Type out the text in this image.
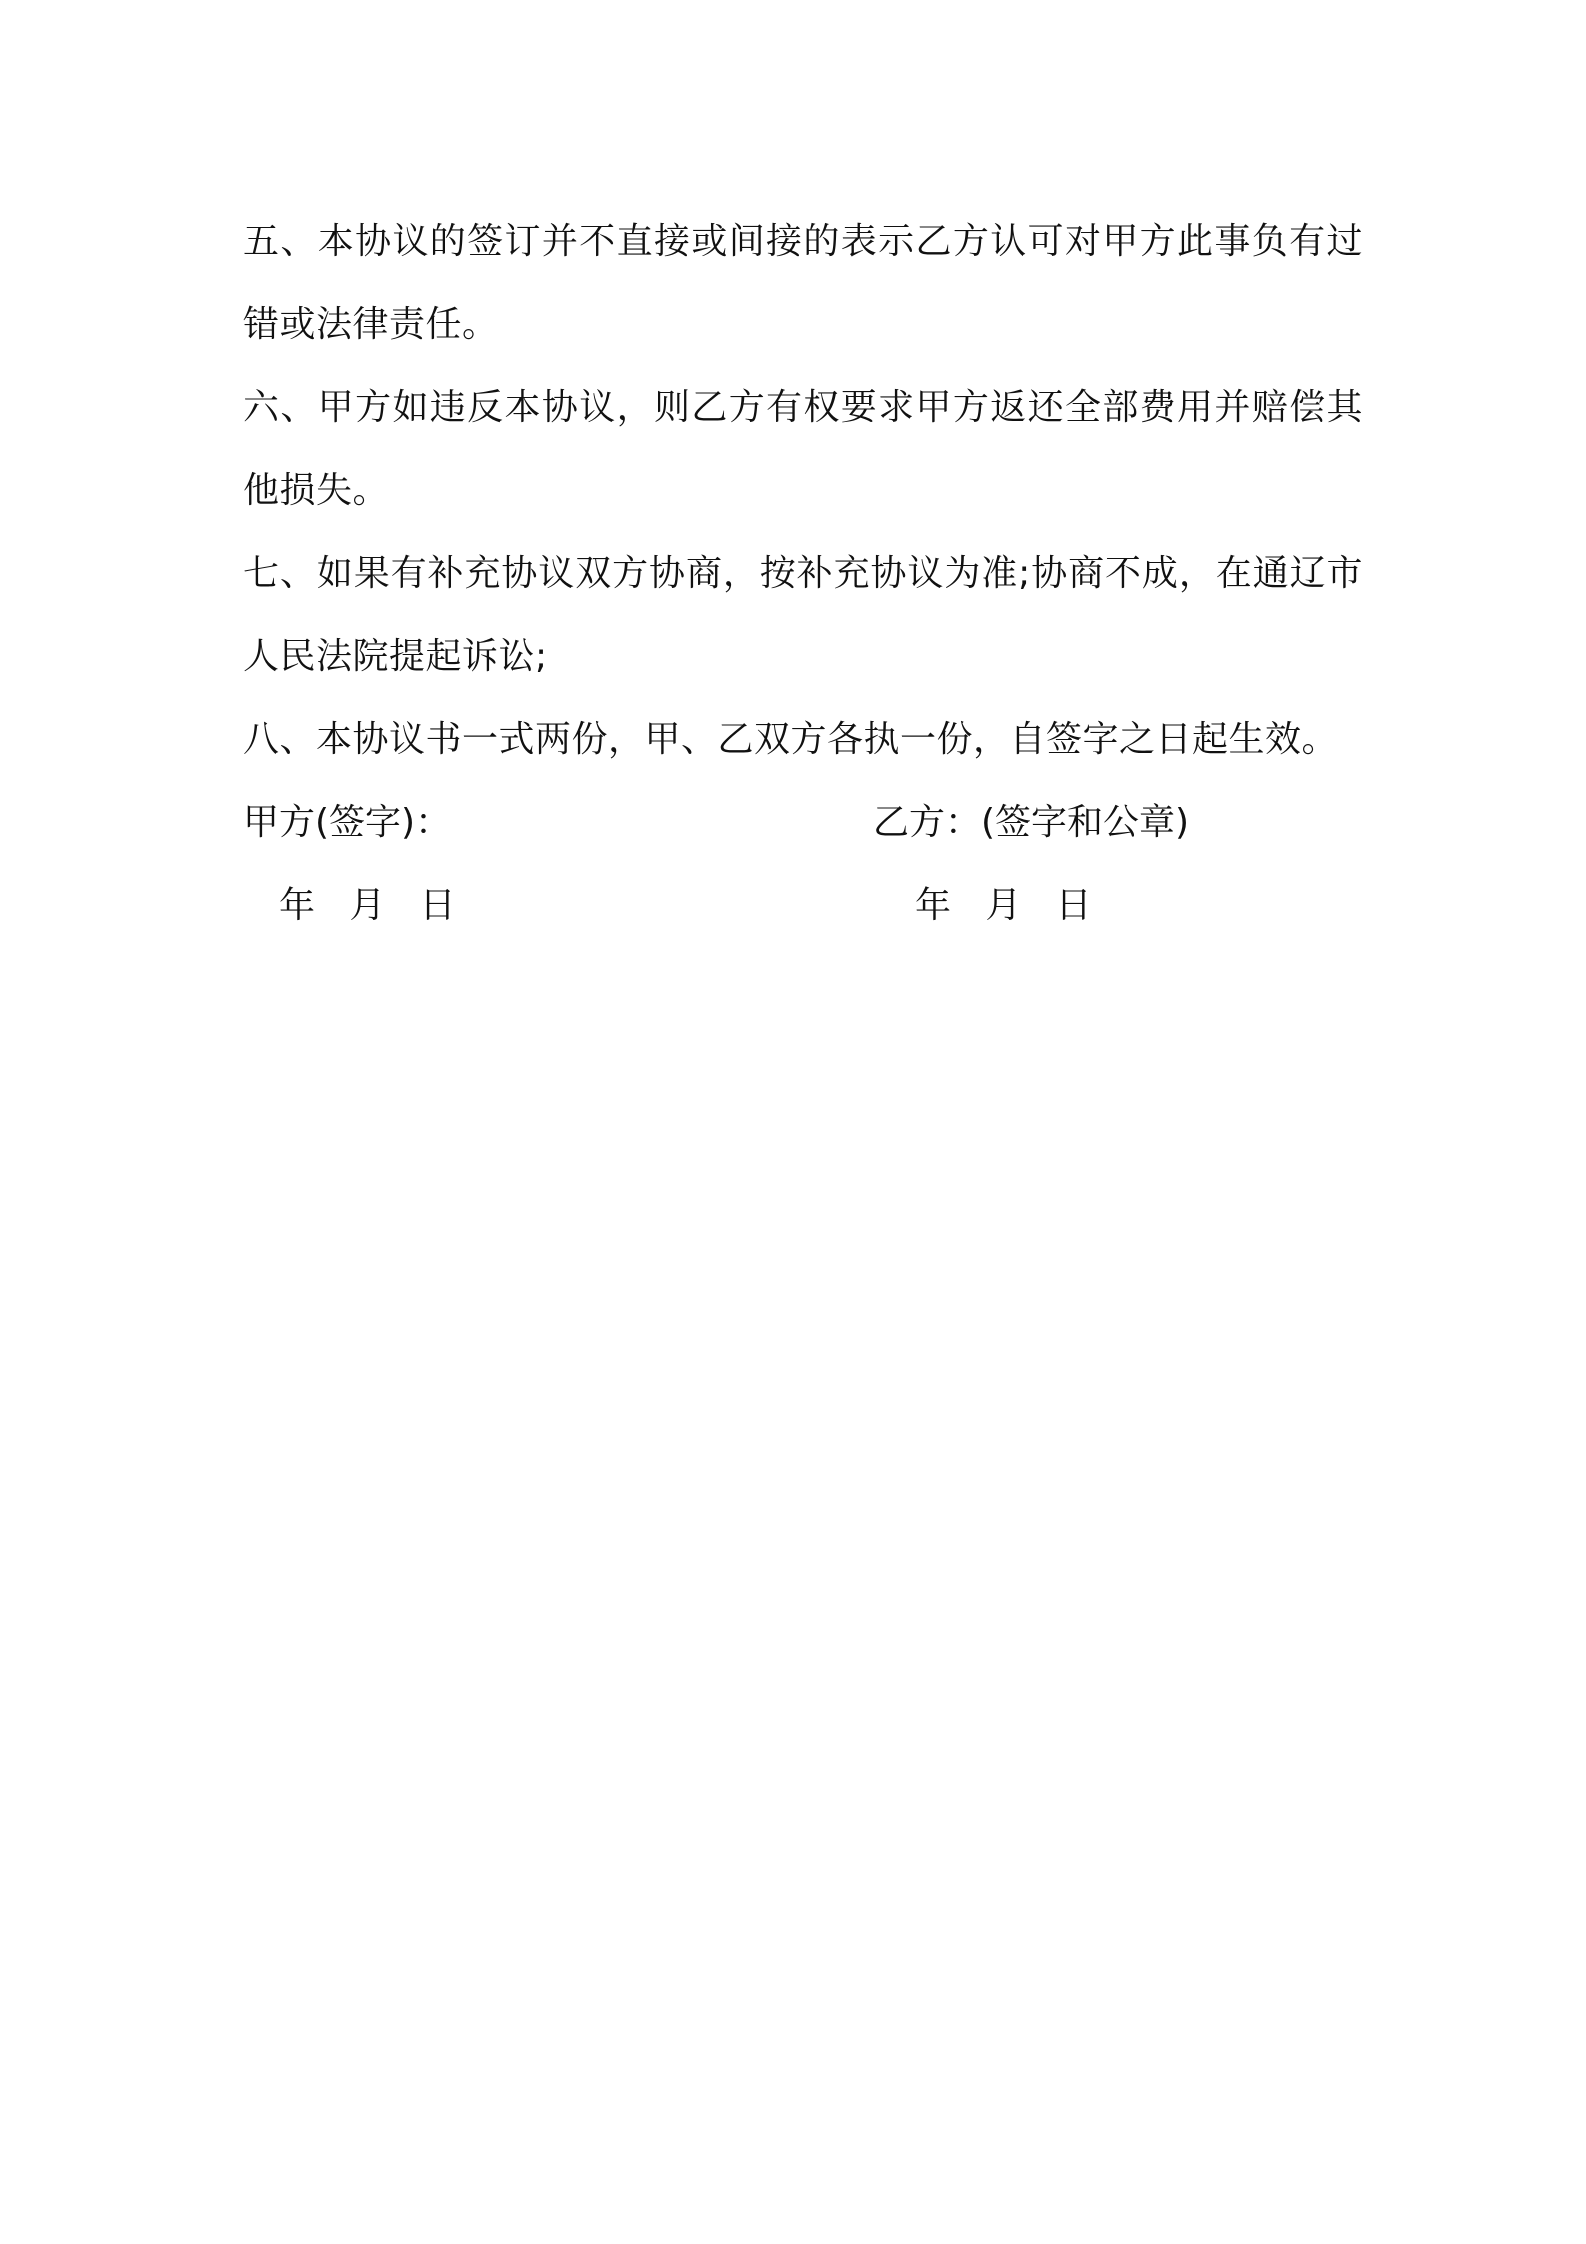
五、本协议的签订并不直接或间接的表示乙方认可对甲方此事负有过错或法律责任。

六、甲方如违反本协议，则乙方有权要求甲方返还全部费用并赔偿其他损失。

七、如果有补充协议双方协商，按补充协议为准;协商不成，在通辽市人民法院提起诉讼;

八、本协议书一式两份，甲、乙双方各执一份，自签字之日起生效。

甲方(签字)：	乙方：(签字和公章)
年   月   日	年   月   日
